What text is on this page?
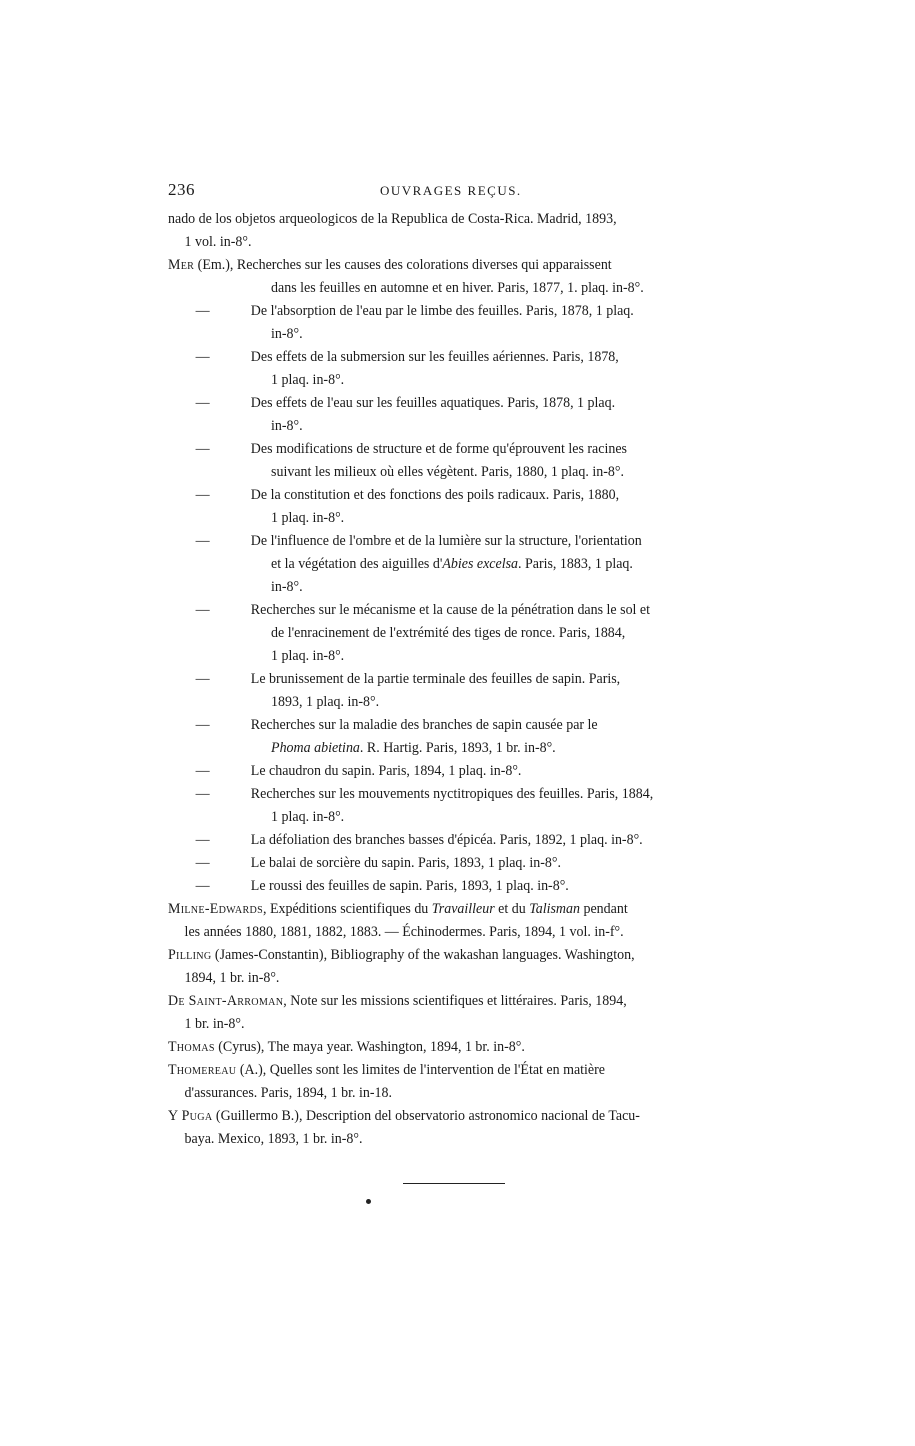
236	OUVRAGES REÇUS.
nado de los objetos arqueologicos de la Republica de Costa-Rica. Madrid, 1893,
1 vol. in-8°.
Mer (Em.), Recherches sur les causes des colorations diverses qui apparaissent
dans les feuilles en automne et en hiver. Paris, 1877, 1. plaq. in-8°.
—	De l'absorption de l'eau par le limbe des feuilles. Paris, 1878, 1 plaq.
in-8°.
—	Des effets de la submersion sur les feuilles aériennes. Paris, 1878,
1 plaq. in-8°.
—	Des effets de l'eau sur les feuilles aquatiques. Paris, 1878, 1 plaq.
in-8°.
—	Des modifications de structure et de forme qu'éprouvent les racines
suivant les milieux où elles végètent. Paris, 1880, 1 plaq. in-8°.
—	De la constitution et des fonctions des poils radicaux. Paris, 1880,
1 plaq. in-8°.
—	De l'influence de l'ombre et de la lumière sur la structure, l'orientation
et la végétation des aiguilles d'Abies excelsa. Paris, 1883, 1 plaq.
in-8°.
—	Recherches sur le mécanisme et la cause de la pénétration dans le sol et
de l'enracinement de l'extrémité des tiges de ronce. Paris, 1884,
1 plaq. in-8°.
—	Le brunissement de la partie terminale des feuilles de sapin. Paris,
1893, 1 plaq. in-8°.
—	Recherches sur la maladie des branches de sapin causée par le
Phoma abietina. R. Hartig. Paris, 1893, 1 br. in-8°.
—	Le chaudron du sapin. Paris, 1894, 1 plaq. in-8°.
—	Recherches sur les mouvements nyctitropiques des feuilles. Paris, 1884,
1 plaq. in-8°.
—	La défoliation des branches basses d'épicéa. Paris, 1892, 1 plaq. in-8°.
—	Le balai de sorcière du sapin. Paris, 1893, 1 plaq. in-8°.
—	Le roussi des feuilles de sapin. Paris, 1893, 1 plaq. in-8°.
Milne-Edwards, Expéditions scientifiques du Travailleur et du Talisman pendant
les années 1880, 1881, 1882, 1883. — Échinodermes. Paris, 1894, 1 vol. in-f°.
Pilling (James-Constantin), Bibliography of the wakashan languages. Washington,
1894, 1 br. in-8°.
De Saint-Arroman, Note sur les missions scientifiques et littéraires. Paris, 1894,
1 br. in-8°.
Thomas (Cyrus), The maya year. Washington, 1894, 1 br. in-8°.
Thomereau (A.), Quelles sont les limites de l'intervention de l'État en matière
d'assurances. Paris, 1894, 1 br. in-18.
Y Puga (Guillermo B.), Description del observatorio astronomico nacional de Tacu-
baya. Mexico, 1893, 1 br. in-8°.
